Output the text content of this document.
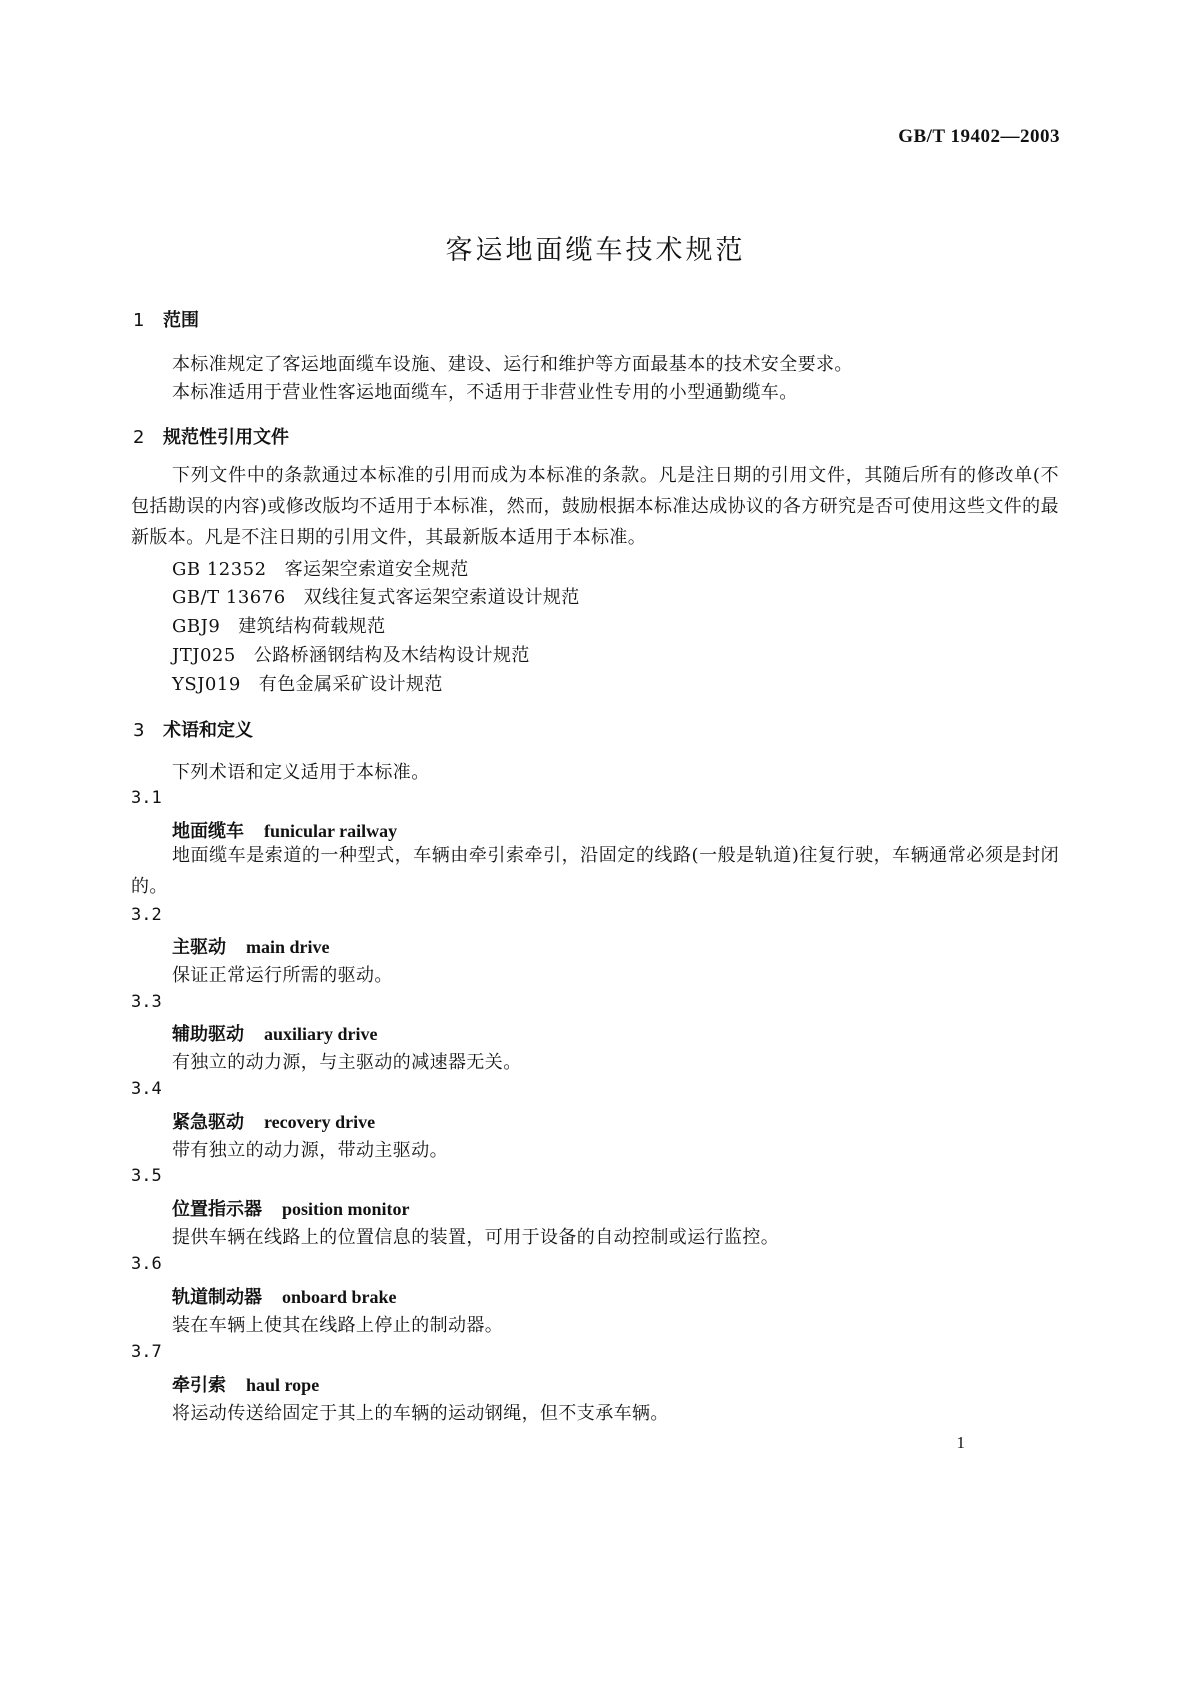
GB/T 19402—2003
客运地面缆车技术规范
1 范围
本标准规定了客运地面缆车设施、建设、运行和维护等方面最基本的技术安全要求。
本标准适用于营业性客运地面缆车，不适用于非营业性专用的小型通勤缆车。
2 规范性引用文件
下列文件中的条款通过本标准的引用而成为本标准的条款。凡是注日期的引用文件，其随后所有的修改单(不包括勘误的内容)或修改版均不适用于本标准，然而，鼓励根据本标准达成协议的各方研究是否可使用这些文件的最新版本。凡是不注日期的引用文件，其最新版本适用于本标准。
GB 12352 客运架空索道安全规范
GB/T 13676 双线往复式客运架空索道设计规范
GBJ9 建筑结构荷载规范
JTJ025 公路桥涵钢结构及木结构设计规范
YSJ019 有色金属采矿设计规范
3 术语和定义
下列术语和定义适用于本标准。
3.1
地面缆车 funicular railway
地面缆车是索道的一种型式，车辆由牵引索牵引，沿固定的线路(一般是轨道)往复行驶，车辆通常必须是封闭的。
3.2
主驱动 main drive
保证正常运行所需的驱动。
3.3
辅助驱动 auxiliary drive
有独立的动力源，与主驱动的减速器无关。
3.4
紧急驱动 recovery drive
带有独立的动力源，带动主驱动。
3.5
位置指示器 position monitor
提供车辆在线路上的位置信息的装置，可用于设备的自动控制或运行监控。
3.6
轨道制动器 onboard brake
装在车辆上使其在线路上停止的制动器。
3.7
牵引索 haul rope
将运动传送给固定于其上的车辆的运动钢绳，但不支承车辆。
1
